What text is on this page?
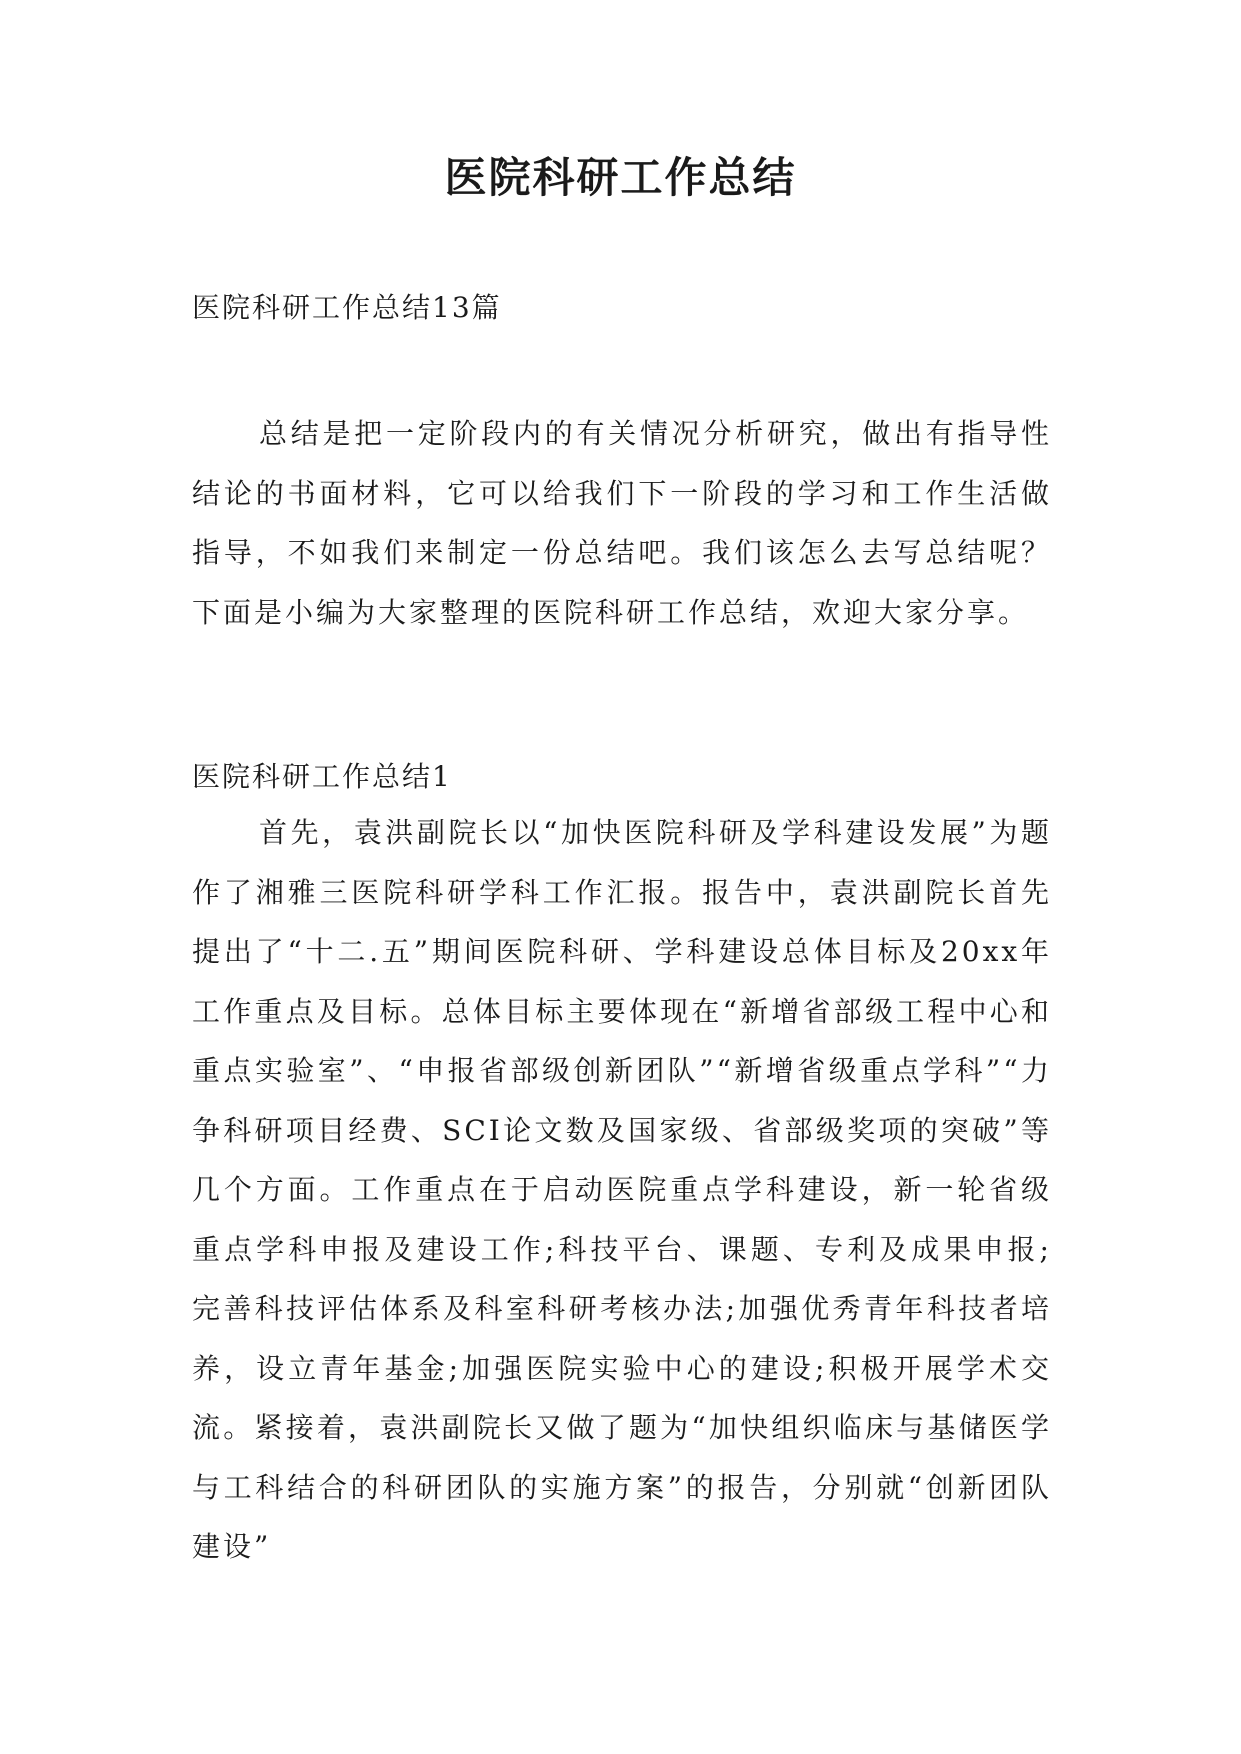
医院科研工作总结
医院科研工作总结13篇

总结是把一定阶段内的有关情况分析研究，做出有指导性结论的书面材料，它可以给我们下一阶段的学习和工作生活做指导，不如我们来制定一份总结吧。我们该怎么去写总结呢？下面是小编为大家整理的医院科研工作总结，欢迎大家分享。

医院科研工作总结1

首先，袁洪副院长以“加快医院科研及学科建设发展”为题作了湘雅三医院科研学科工作汇报。报告中，袁洪副院长首先提出了“十二.五”期间医院科研、学科建设总体目标及20xx年工作重点及目标。总体目标主要体现在“新增省部级工程中心和重点实验室”、“申报省部级创新团队”“新增省级重点学科”“力争科研项目经费、SCI论文数及国家级、省部级奖项的突破”等几个方面。工作重点在于启动医院重点学科建设，新一轮省级重点学科申报及建设工作;科技平台、课题、专利及成果申报;完善科技评估体系及科室科研考核办法;加强优秀青年科技者培养，设立青年基金;加强医院实验中心的建设;积极开展学术交流。紧接着，袁洪副院长又做了题为“加快组织临床与基储医学与工科结合的科研团队的实施方案”的报告，分别就“创新团队建设”
